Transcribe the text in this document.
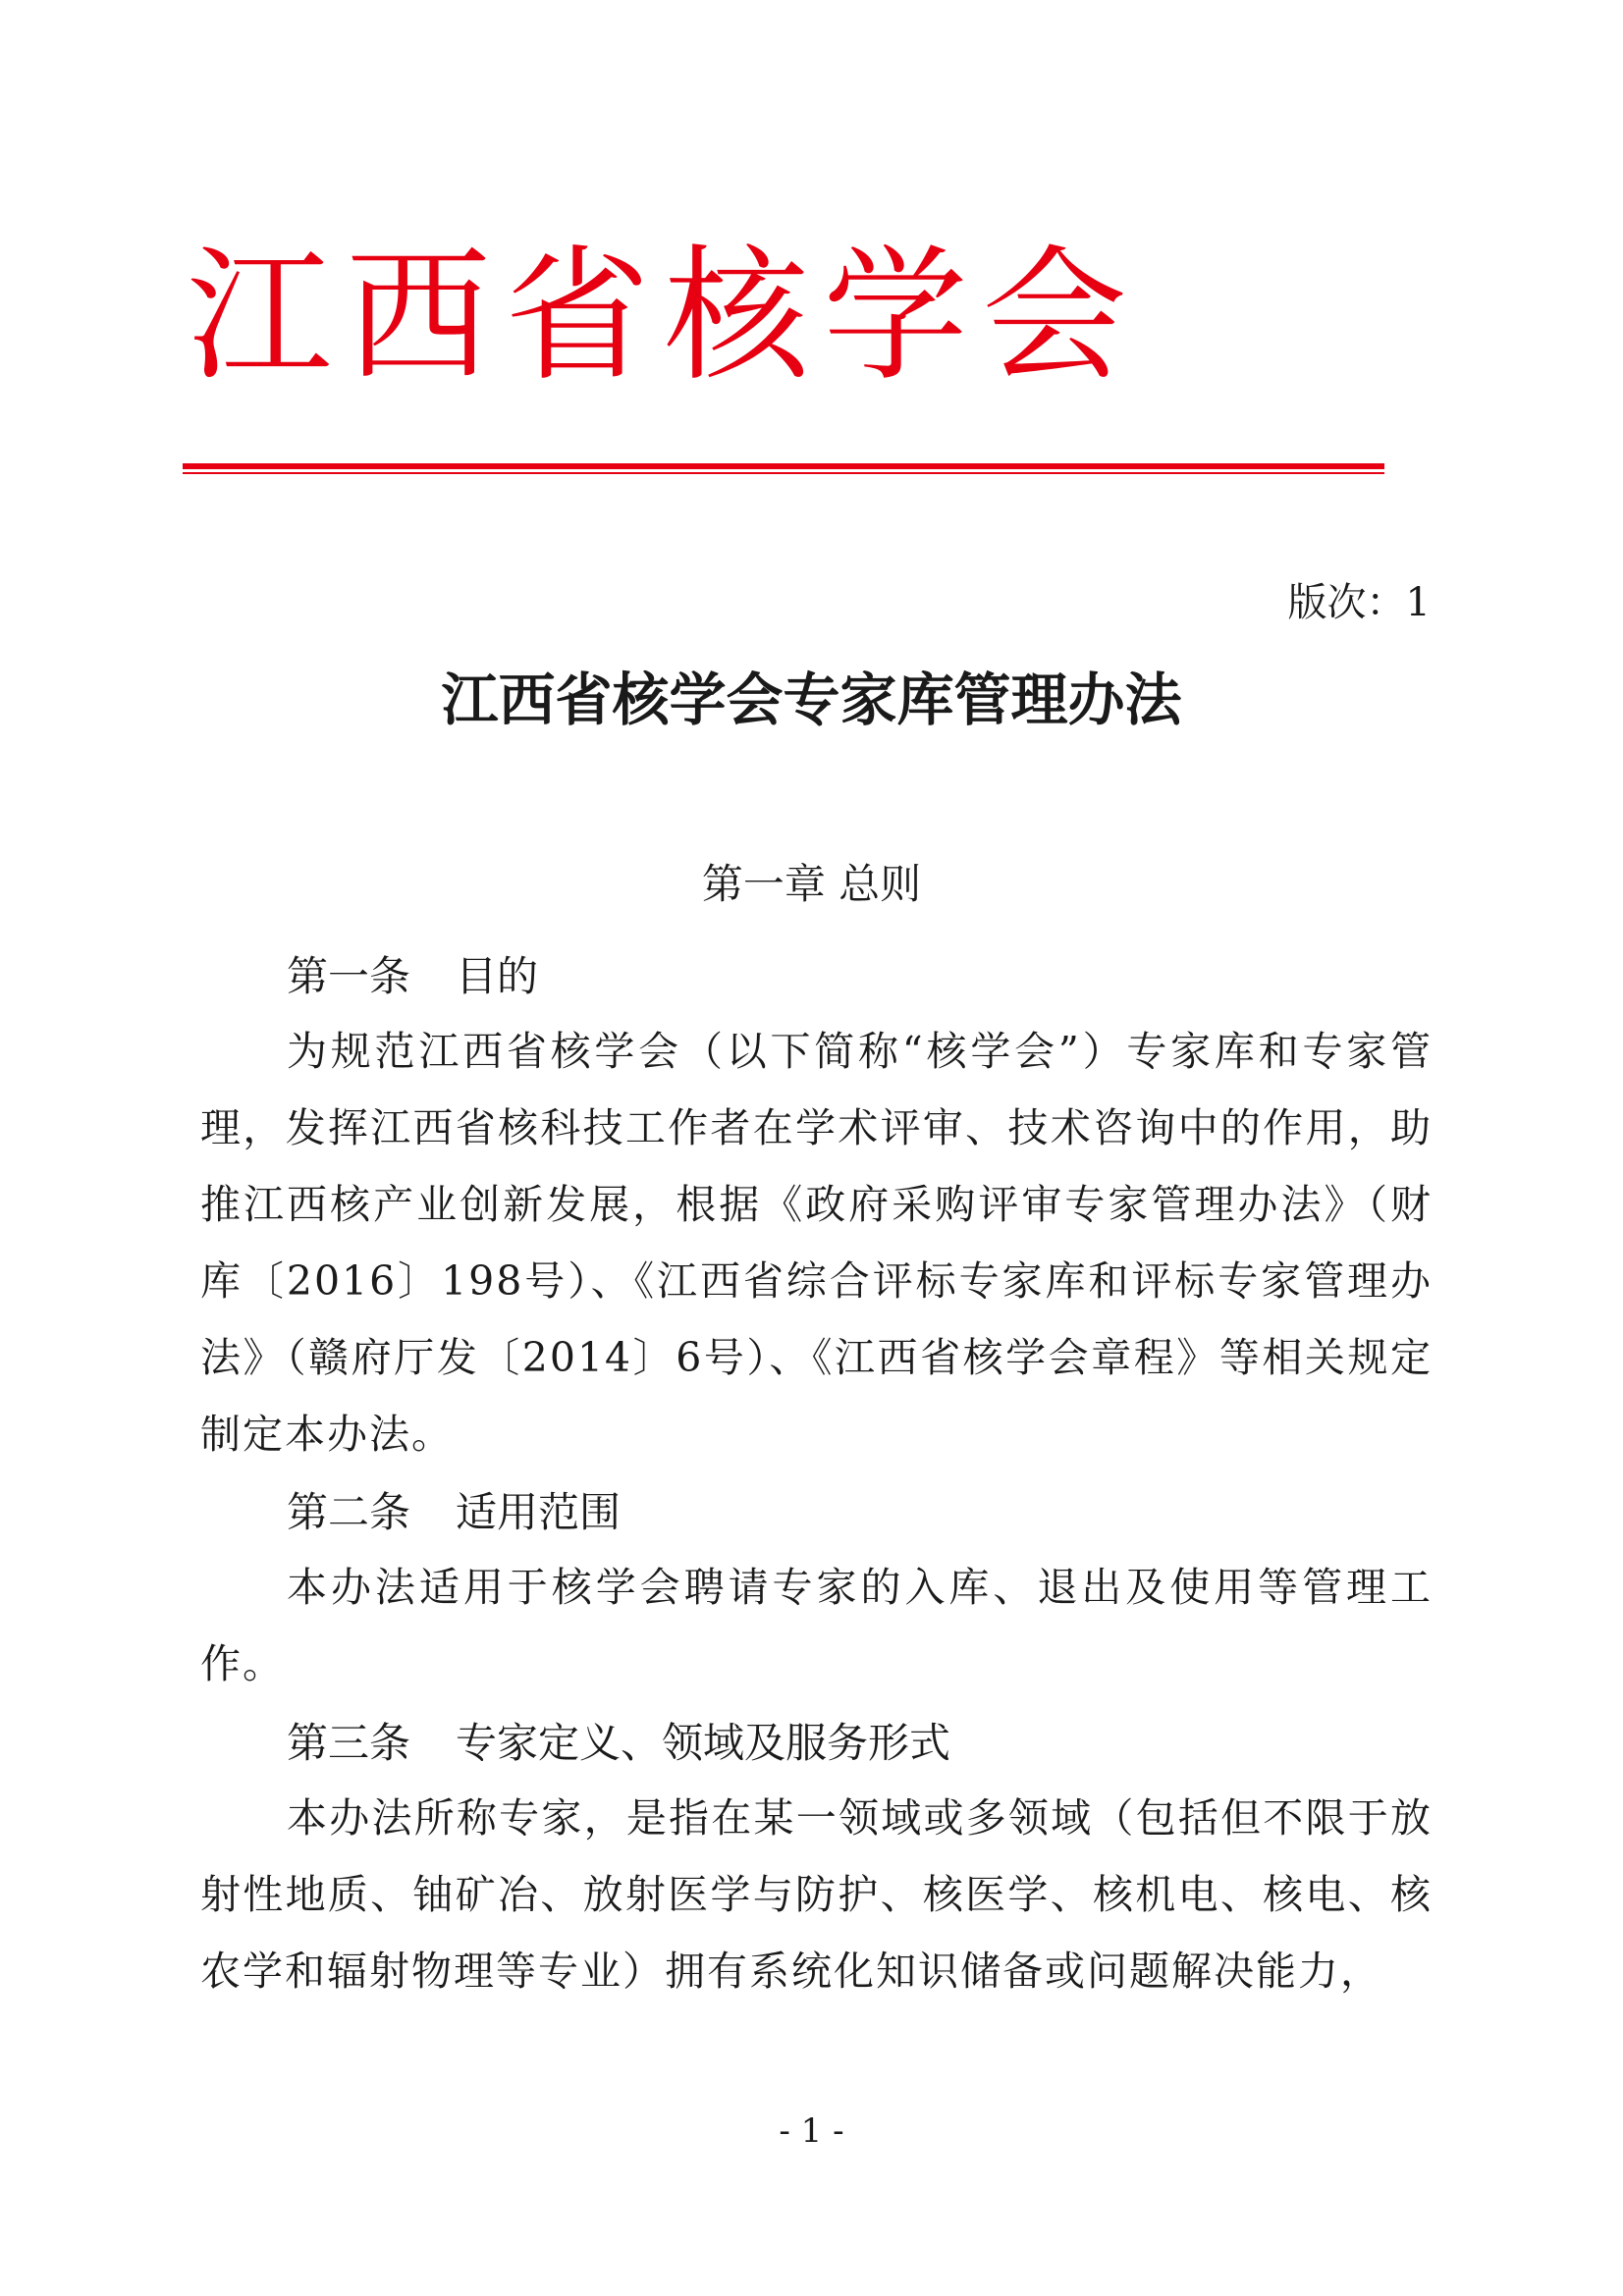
江西省核学会
版次：1
江西省核学会专家库管理办法
第一章 总则
第一条 目的

为规范江西省核学会（以下简称“核学会”）专家库和专家管理，发挥江西省核科技工作者在学术评审、技术咨询中的作用，助推江西核产业创新发展，根据《政府采购评审专家管理办法》（财库〔2016〕198号）、《江西省综合评标专家库和评标专家管理办法》（赣府厅发〔2014〕6号）、《江西省核学会章程》等相关规定制定本办法。

第二条 适用范围

本办法适用于核学会聘请专家的入库、退出及使用等管理工作。

第三条 专家定义、领域及服务形式

本办法所称专家，是指在某一领域或多领域（包括但不限于放射性地质、铀矿冶、放射医学与防护、核医学、核机电、核电、核农学和辐射物理等专业）拥有系统化知识储备或问题解决能力，

- 1 -
